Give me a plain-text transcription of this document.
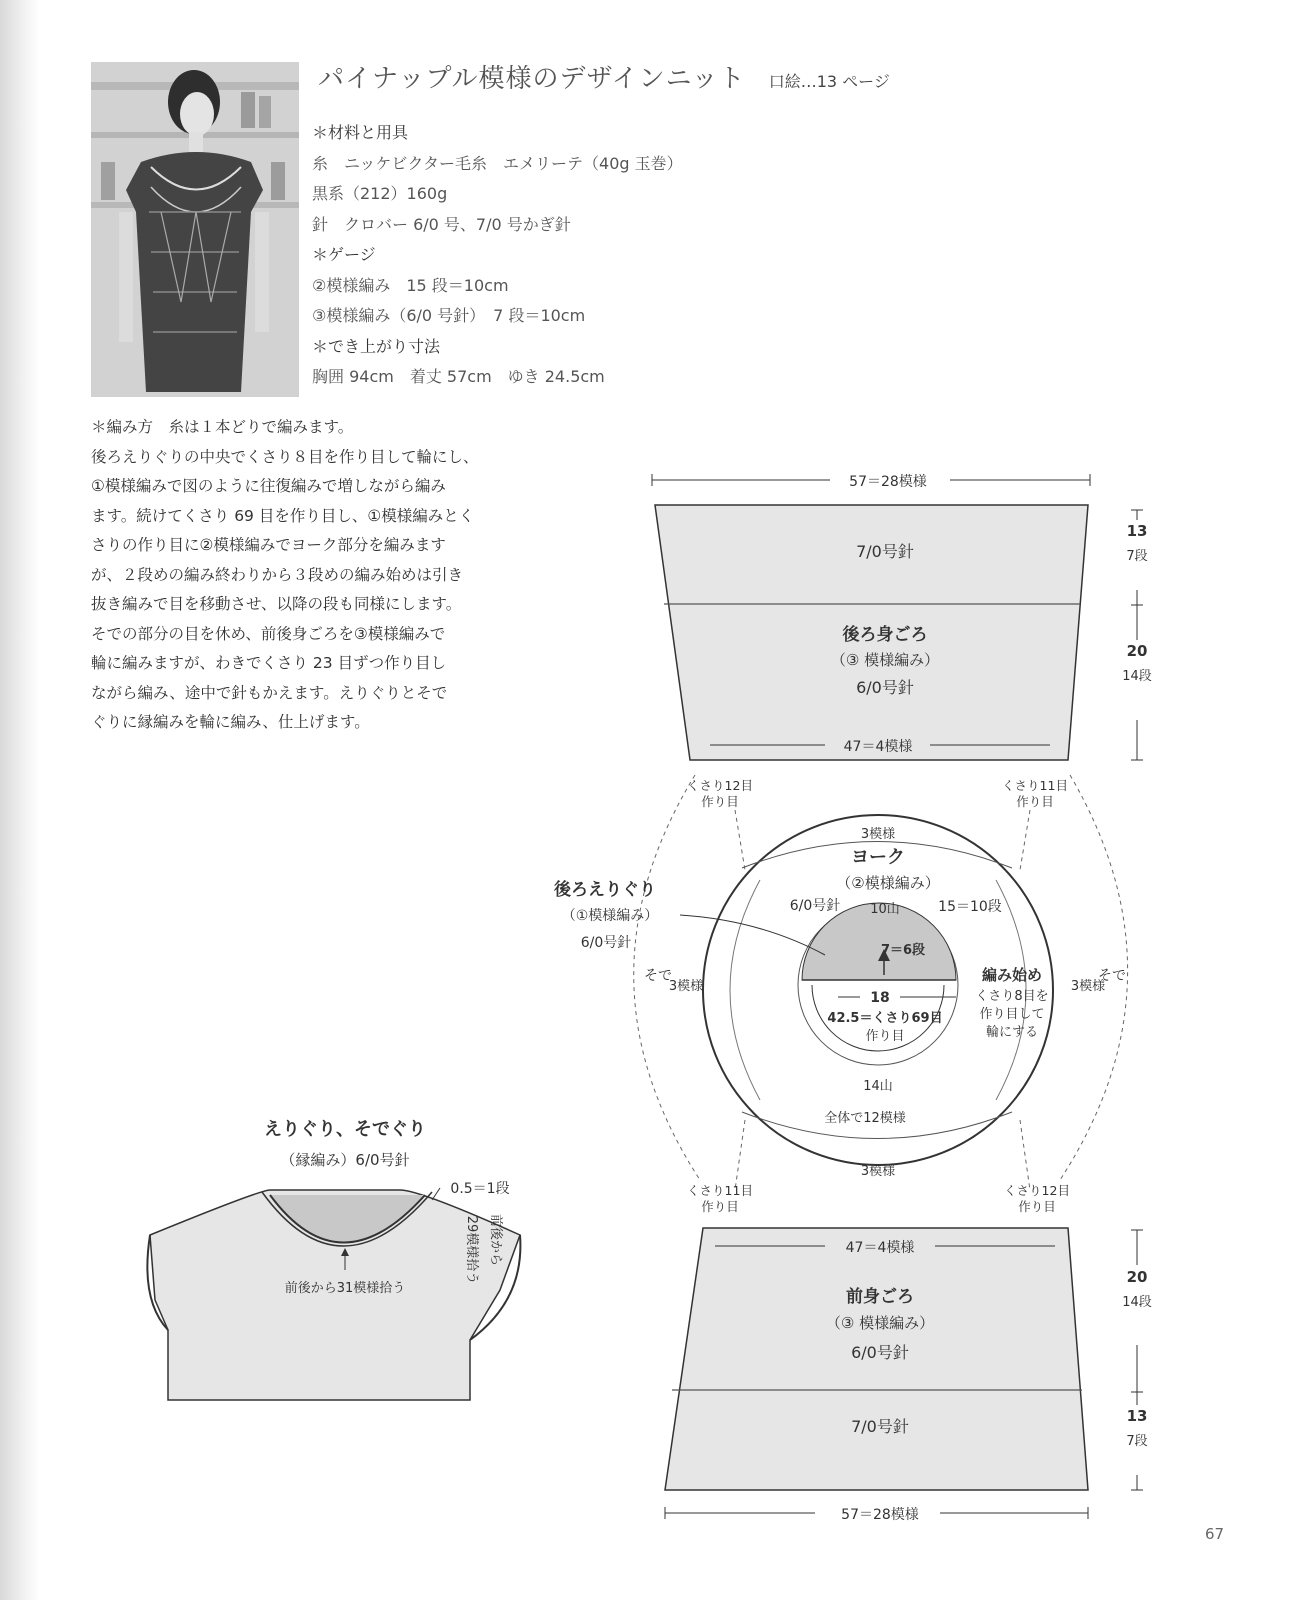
パイナップル模様のデザインニット 口絵…13 ページ
＊材料と用具
糸　ニッケビクター毛糸　エメリーテ（40g 玉巻）
黒系（212）160g
針　クロバー 6/0 号、7/0 号かぎ針
＊ゲージ
②模様編み　15 段＝10cm
③模様編み（6/0 号針）　7 段＝10cm
＊でき上がり寸法
胸囲 94cm　着丈 57cm　ゆき 24.5cm
＊編み方　糸は１本どりで編みます。
後ろえりぐりの中央でくさり８目を作り目して輪にし、
①模様編みで図のように往復編みで増しながら編み
ます。続けてくさり 69 目を作り目し、①模様編みとく
さりの作り目に②模様編みでヨーク部分を編みます
が、２段めの編み終わりから３段めの編み始めは引き
抜き編みで目を移動させ、以降の段も同様にします。
そでの部分の目を休め、前後身ごろを③模様編みで
輪に編みますが、わきでくさり 23 目ずつ作り目し
ながら編み、途中で針もかえます。えりぐりとそで
ぐりに縁編みを輪に編み、仕上げます。
57＝28模様
7/0号針
後ろ身ごろ
（③ 模様編み）
6/0号針
47＝4模様
13
7段
20
14段
くさり12目
作り目
くさり11目
作り目
3模様
ヨーク
（②模様編み）
6/0号針 10山	15＝10段
7＝6段
18
42.5＝くさり69目
作り目
14山
全体で12模様
3模様
編み始め
くさり8目を
作り目して
輪にする
そで
3模様
そで
3模様
後ろえりぐり
（①模様編み）
6/0号針
くさり11目
作り目
くさり12目
作り目
47＝4模様
前身ごろ
（③ 模様編み）
6/0号針
7/0号針
57＝28模様
20
14段
13
7段
えりぐり、そでぐり
（縁編み）6/0号針
前後から31模様拾う
0.5＝1段
前後から
29模様拾う
67
